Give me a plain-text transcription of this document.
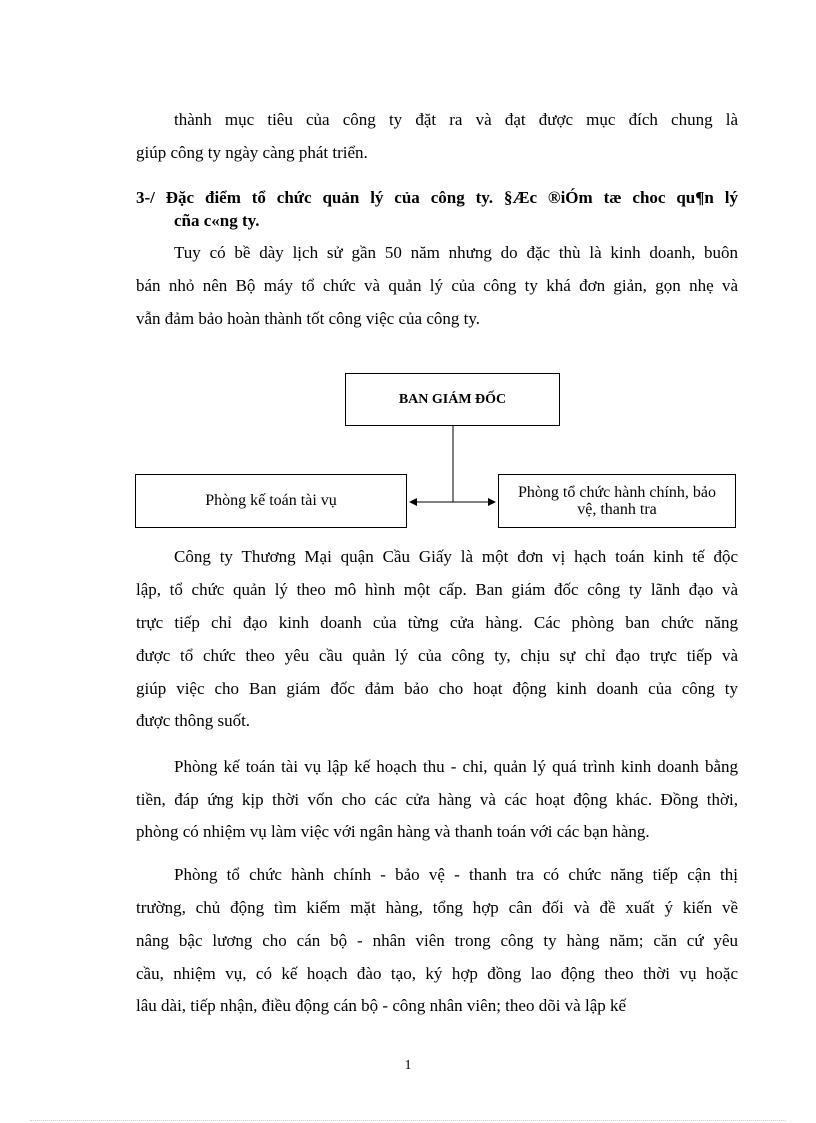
thành mục tiêu của công ty đặt ra và đạt được mục đích chung là
giúp công ty ngày càng phát triển.
3-/ Đặc điểm tổ chức quản lý của công ty. §Æc ®iÓm tæ choc qu¶n lý
cña c«ng ty.
Tuy có bề dày lịch sử gần 50 năm nhưng do đặc thù là kinh doanh, buôn
bán nhỏ nên Bộ máy tổ chức và quản lý của công ty khá đơn giản, gọn nhẹ và
vẫn đảm bảo hoàn thành tốt công việc của công ty.
BAN GIÁM ĐỐC
Phòng kế toán tài vụ	Phòng tổ chức hành chính, bảo
vệ, thanh tra
Công ty Thương Mại quận Cầu Giấy là một đơn vị hạch toán kinh tế độc
lập, tổ chức quản lý theo mô hình một cấp. Ban giám đốc công ty lãnh đạo và
trực tiếp chỉ đạo kinh doanh của từng cửa hàng. Các phòng ban chức năng
được tổ chức theo yêu cầu quản lý của công ty, chịu sự chỉ đạo trực tiếp và
giúp việc cho Ban giám đốc đảm bảo cho hoạt động kinh doanh của công ty
được thông suốt.
Phòng kế toán tài vụ lập kế hoạch thu - chi, quản lý quá trình kinh doanh bằng
tiền, đáp ứng kịp thời vốn cho các cửa hàng và các hoạt động khác. Đồng thời,
phòng có nhiệm vụ làm việc với ngân hàng và thanh toán với các bạn hàng.
Phòng tổ chức hành chính - bảo vệ - thanh tra có chức năng tiếp cận thị
trường, chủ động tìm kiếm mặt hàng, tổng hợp cân đối và đề xuất ý kiến về
nâng bậc lương cho cán bộ - nhân viên trong công ty hàng năm; căn cứ yêu
cầu, nhiệm vụ, có kế hoạch đào tạo, ký hợp đồng lao động theo thời vụ hoặc
lâu dài, tiếp nhận, điều động cán bộ - công nhân viên; theo dõi và lập kế
1
